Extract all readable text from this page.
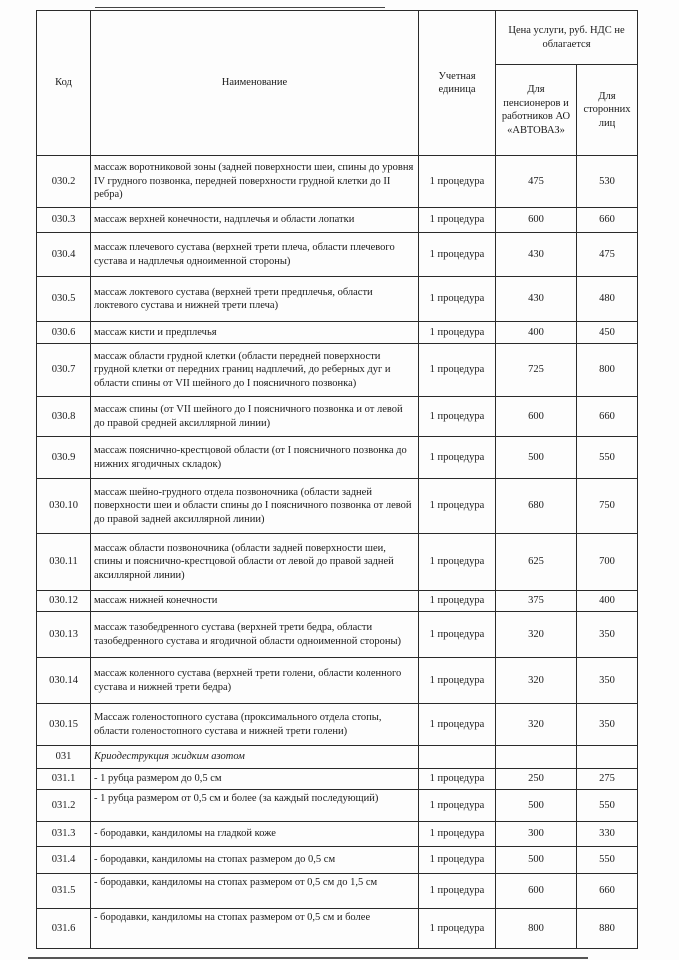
Код	Наименование	Учетная единица	Цена услуги, руб. НДС не облагается	
			Для пенсионеров и работников АО «АВТОВАЗ»	Для сторонних лиц
030.2	массаж воротниковой зоны (задней поверхности шеи, спины до уровня IV грудного позвонка, передней поверхности грудной клетки до II ребра)	1 процедура	475	530
030.3	массаж верхней конечности, надплечья и области лопатки	1 процедура	600	660
030.4	массаж плечевого сустава (верхней трети плеча, области плечевого сустава и надплечья одноименной стороны)	1 процедура	430	475
030.5	массаж локтевого сустава (верхней трети предплечья, области локтевого сустава и нижней трети плеча)	1 процедура	430	480
030.6	массаж кисти и предплечья	1 процедура	400	450
030.7	массаж области грудной клетки (области передней поверхности грудной клетки от передних границ надплечий, до реберных дуг и области спины от VII шейного до I поясничного позвонка)	1 процедура	725	800
030.8	массаж спины (от VII шейного до I поясничного позвонка и от левой до правой средней аксиллярной линии)	1 процедура	600	660
030.9	массаж пояснично-крестцовой области (от I поясничного позвонка до нижних ягодичных складок)	1 процедура	500	550
030.10	массаж шейно-грудного отдела позвоночника (области задней поверхности шеи и области спины до I поясничного позвонка от левой до правой задней аксиллярной линии)	1 процедура	680	750
030.11	массаж области позвоночника (области задней поверхности шеи, спины и пояснично-крестцовой области от левой до правой задней аксиллярной линии)	1 процедура	625	700
030.12	массаж нижней конечности	1 процедура	375	400
030.13	массаж тазобедренного сустава (верхней трети бедра, области тазобедренного сустава и ягодичной области одноименной стороны)	1 процедура	320	350
030.14	массаж коленного сустава (верхней трети голени, области коленного сустава и нижней трети бедра)	1 процедура	320	350
030.15	Массаж голеностопного сустава (проксимального отдела стопы, области голеностопного сустава и нижней трети голени)	1 процедура	320	350
031	Криодеструкция жидким азотом			
031.1	- 1 рубца размером до 0,5 см	1 процедура	250	275
031.2	- 1 рубца размером от 0,5 см и более (за каждый последующий)	1 процедура	500	550
031.3	- бородавки, кандиломы на гладкой коже	1 процедура	300	330
031.4	- бородавки, кандиломы на стопах размером до 0,5 см	1 процедура	500	550
031.5	- бородавки, кандиломы на стопах размером от 0,5 см до 1,5 см	1 процедура	600	660
031.6	- бородавки, кандиломы на стопах размером от 0,5 см и более	1 процедура	800	880
